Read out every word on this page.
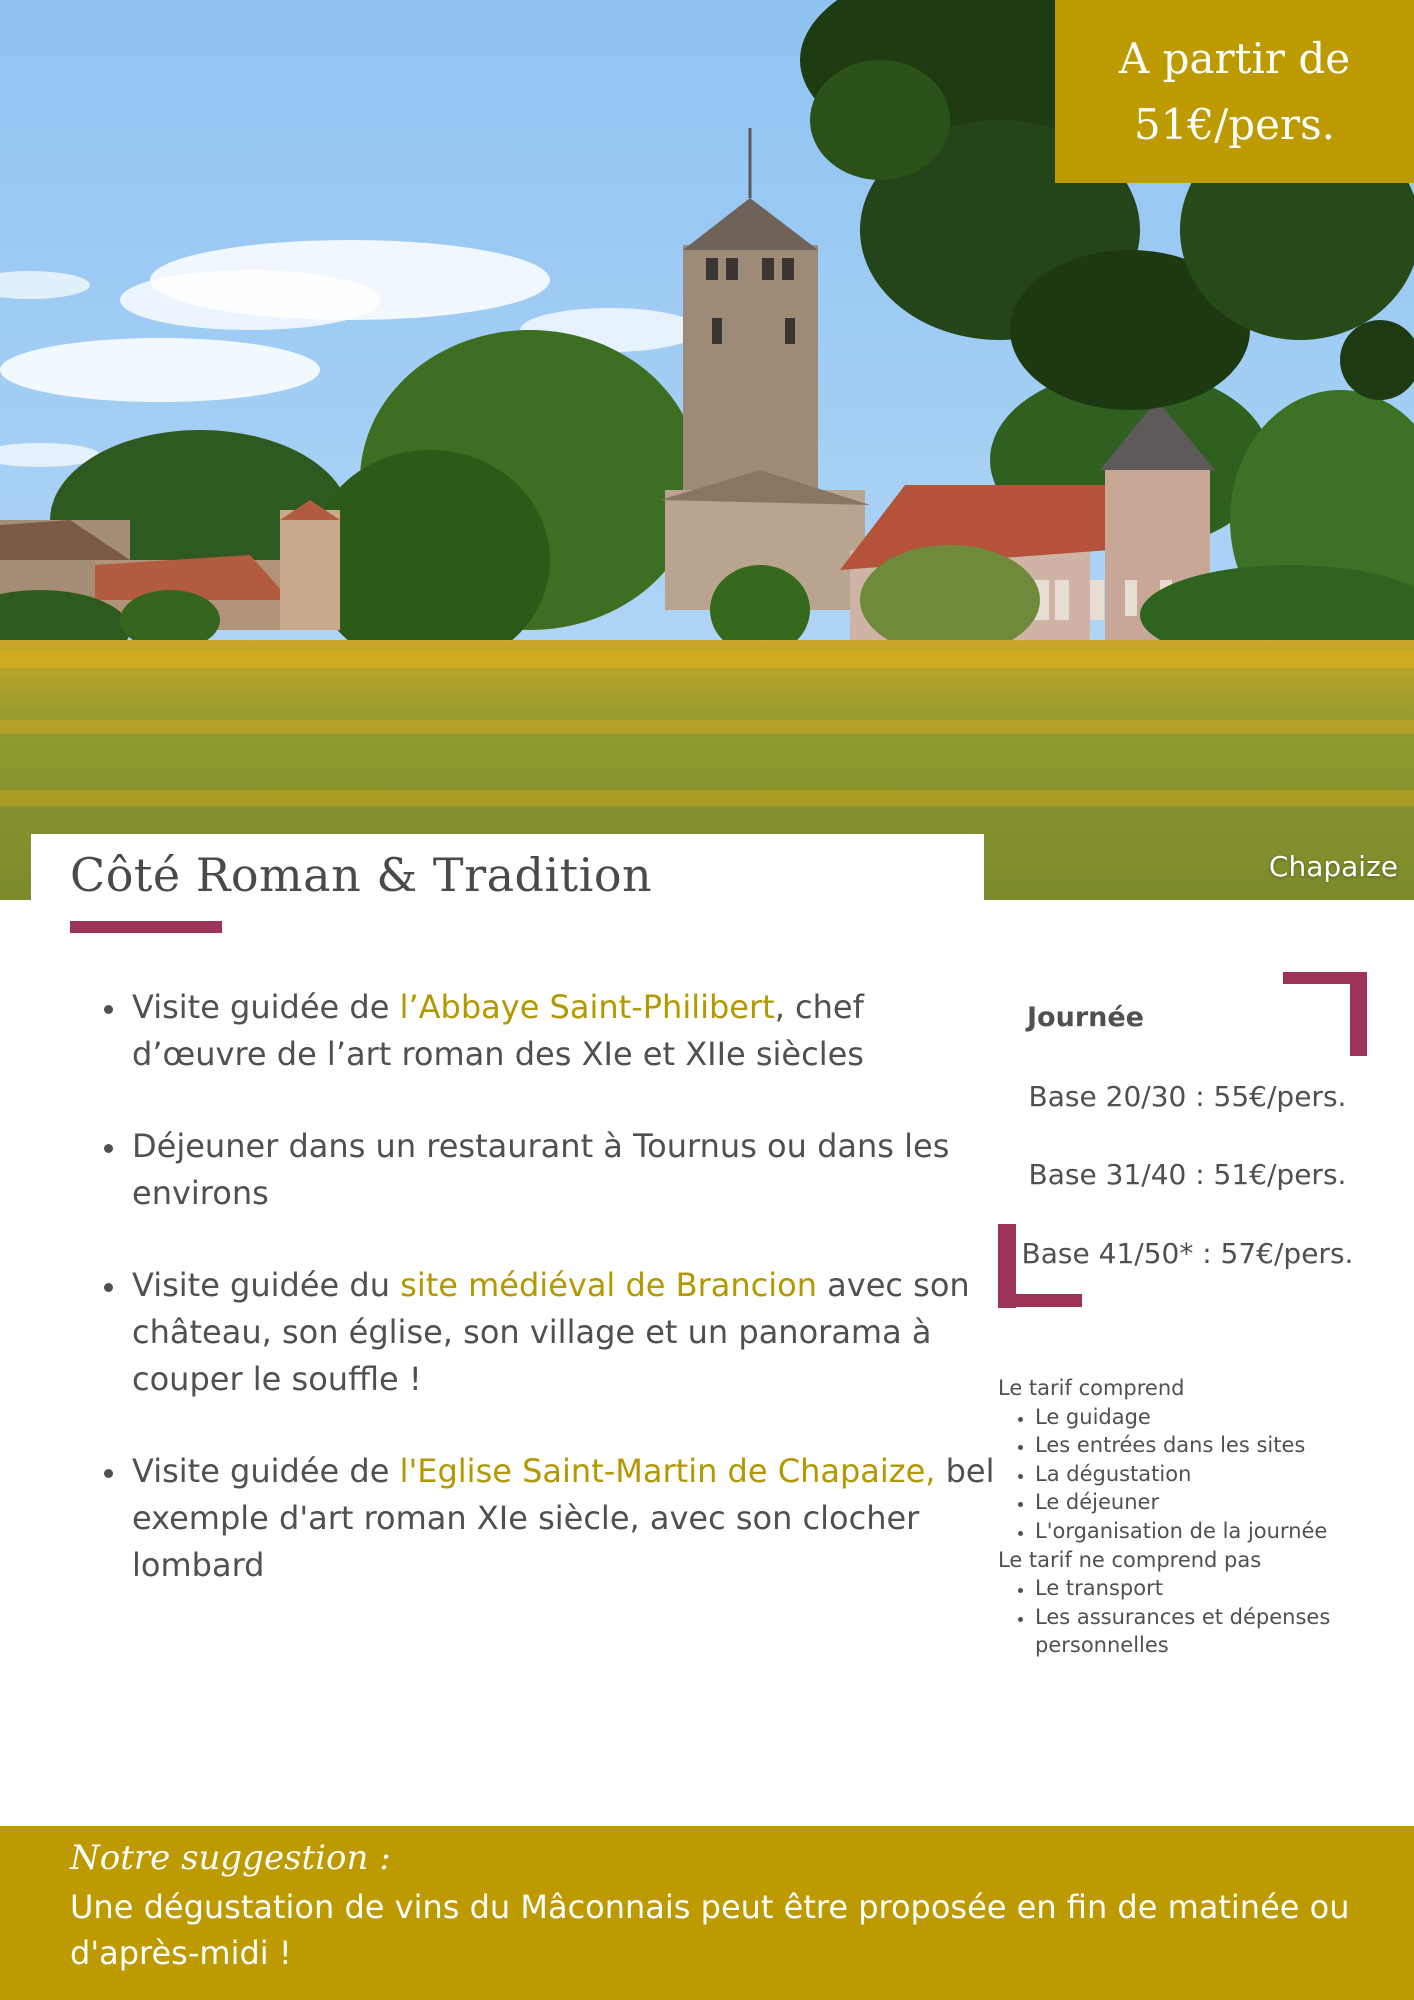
A partir de
51€/pers.
Chapaize
Côté Roman & Tradition
• Visite guidée de l’Abbaye Saint-Philibert, chef d’œuvre de l’art roman des XIe et XIIe siècles
• Déjeuner dans un restaurant à Tournus ou dans les environs
• Visite guidée du site médiéval de Brancion avec son château, son église, son village et un panorama à couper le souffle !
• Visite guidée de l'Eglise Saint-Martin de Chapaize, bel exemple d'art roman XIe siècle, avec son clocher lombard
Journée
Base 20/30 : 55€/pers.
Base 31/40 : 51€/pers.
Base 41/50* : 57€/pers.
Le tarif comprend
• Le guidage
• Les entrées dans les sites
• La dégustation
• Le déjeuner
• L'organisation de la journée
Le tarif ne comprend pas
• Le transport
• Les assurances et dépenses personnelles
Notre suggestion :
Une dégustation de vins du Mâconnais peut être proposée en fin de matinée ou d'après-midi !
